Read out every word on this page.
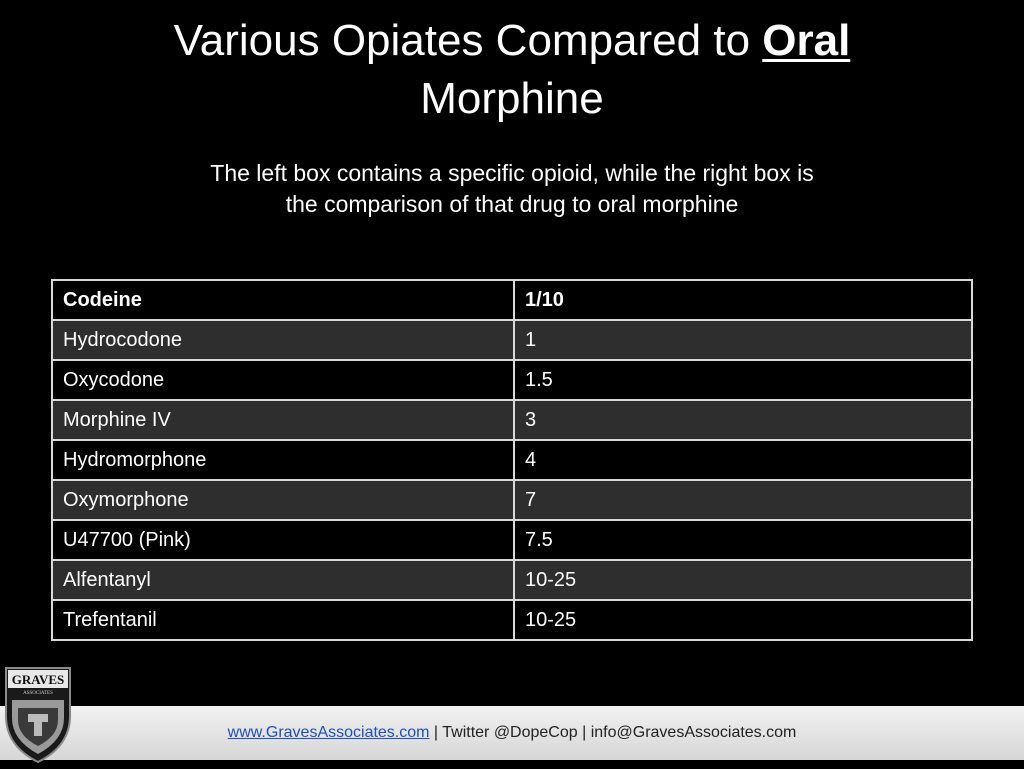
Various Opiates Compared to Oral
Morphine
The left box contains a specific opioid, while the right box is
the comparison of that drug to oral morphine
Codeine	1/10
Hydrocodone	1
Oxycodone	1.5
Morphine IV	3
Hydromorphone	4
Oxymorphone	7
U47700 (Pink)	7.5
Alfentanyl	10-25
Trefentanil	10-25
www.GravesAssociates.com | Twitter @DopeCop | info@GravesAssociates.com
GRAVES
ASSOCIATES
